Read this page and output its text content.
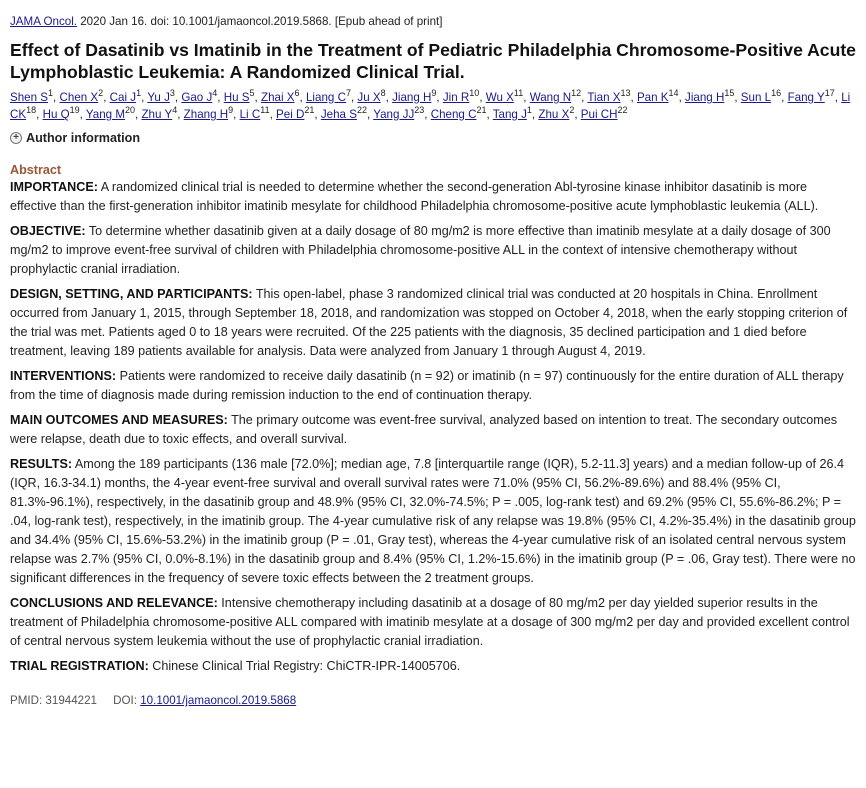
JAMA Oncol. 2020 Jan 16. doi: 10.1001/jamaoncol.2019.5868. [Epub ahead of print]
Effect of Dasatinib vs Imatinib in the Treatment of Pediatric Philadelphia Chromosome-Positive Acute Lymphoblastic Leukemia: A Randomized Clinical Trial.
Shen $S^1$, Chen $X^2$, Cai $J^1$, Yu $J^3$, Gao $J^4$, Hu $S^5$, Zhai $X^6$, Liang $C^7$, Ju $X^8$, Jiang $H^9$, Jin $R^{10}$, Wu $X^{11}$, Wang $N^{12}$, Tian $X^{13}$, Pan $K^{14}$, Jiang $H^{15}$, Sun $L^{16}$, Fang $Y^{17}$, Li CK$^{18}$, Hu $Q^{19}$, Yang $M^{20}$, Zhu $Y^4$, Zhang $H^9$, Li $C^{11}$, Pei $D^{21}$, Jeha $S^{22}$, Yang JJ$^{23}$, Cheng $C^{21}$, Tang $J^1$, Zhu $X^2$, Pui $CH^{22}$
+ Author information
Abstract

IMPORTANCE: A randomized clinical trial is needed to determine whether the second-generation Abl-tyrosine kinase inhibitor dasatinib is more effective than the first-generation inhibitor imatinib mesylate for childhood Philadelphia chromosome-positive acute lymphoblastic leukemia (ALL).

OBJECTIVE: To determine whether dasatinib given at a daily dosage of 80 mg/m2 is more effective than imatinib mesylate at a daily dosage of 300 mg/m2 to improve event-free survival of children with Philadelphia chromosome-positive ALL in the context of intensive chemotherapy without prophylactic cranial irradiation.

DESIGN, SETTING, AND PARTICIPANTS: This open-label, phase 3 randomized clinical trial was conducted at 20 hospitals in China. Enrollment occurred from January 1, 2015, through September 18, 2018, and randomization was stopped on October 4, 2018, when the early stopping criterion of the trial was met. Patients aged 0 to 18 years were recruited. Of the 225 patients with the diagnosis, 35 declined participation and 1 died before treatment, leaving 189 patients available for analysis. Data were analyzed from January 1 through August 4, 2019.

INTERVENTIONS: Patients were randomized to receive daily dasatinib (n = 92) or imatinib (n = 97) continuously for the entire duration of ALL therapy from the time of diagnosis made during remission induction to the end of continuation therapy.

MAIN OUTCOMES AND MEASURES: The primary outcome was event-free survival, analyzed based on intention to treat. The secondary outcomes were relapse, death due to toxic effects, and overall survival.

RESULTS: Among the 189 participants (136 male [72.0%]; median age, 7.8 [interquartile range (IQR), 5.2-11.3] years) and a median follow-up of 26.4 (IQR, 16.3-34.1) months, the 4-year event-free survival and overall survival rates were 71.0% (95% CI, 56.2%-89.6%) and 88.4% (95% CI, 81.3%-96.1%), respectively, in the dasatinib group and 48.9% (95% CI, 32.0%-74.5%; P = .005, log-rank test) and 69.2% (95% CI, 55.6%-86.2%; P = .04, log-rank test), respectively, in the imatinib group. The 4-year cumulative risk of any relapse was 19.8% (95% CI, 4.2%-35.4%) in the dasatinib group and 34.4% (95% CI, 15.6%-53.2%) in the imatinib group (P = .01, Gray test), whereas the 4-year cumulative risk of an isolated central nervous system relapse was 2.7% (95% CI, 0.0%-8.1%) in the dasatinib group and 8.4% (95% CI, 1.2%-15.6%) in the imatinib group (P = .06, Gray test). There were no significant differences in the frequency of severe toxic effects between the 2 treatment groups.

CONCLUSIONS AND RELEVANCE: Intensive chemotherapy including dasatinib at a dosage of 80 mg/m2 per day yielded superior results in the treatment of Philadelphia chromosome-positive ALL compared with imatinib mesylate at a dosage of 300 mg/m2 per day and provided excellent control of central nervous system leukemia without the use of prophylactic cranial irradiation.

TRIAL REGISTRATION: Chinese Clinical Trial Registry: ChiCTR-IPR-14005706.

PMID: 31944221 DOI: 10.1001/jamaoncol.2019.5868
